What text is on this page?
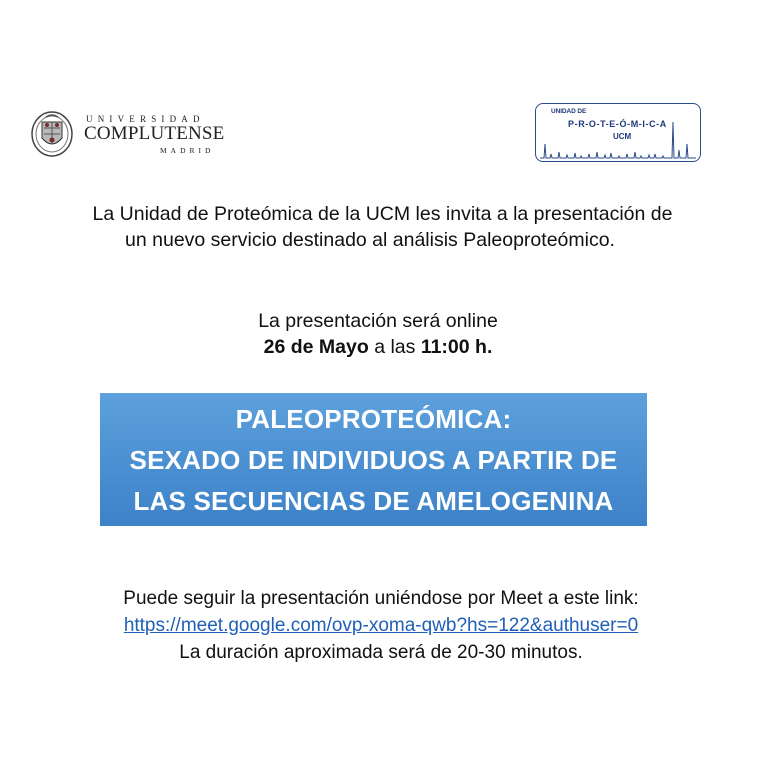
UNIVERSIDAD
COMPLUTENSE
MADRID
UNIDAD DE
P-R-O-T-E-Ó-M-I-C-A
UCM
La Unidad de Proteómica de la UCM les invita a la presentación de
un nuevo servicio destinado al análisis Paleoproteómico.
La presentación será online
26 de Mayo a las 11:00 h.
PALEOPROTEÓMICA:
SEXADO DE INDIVIDUOS A PARTIR DE
LAS SECUENCIAS DE AMELOGENINA
Puede seguir la presentación uniéndose por Meet a este link:
https://meet.google.com/ovp-xoma-qwb?hs=122&authuser=0
La duración aproximada será de 20-30 minutos.
